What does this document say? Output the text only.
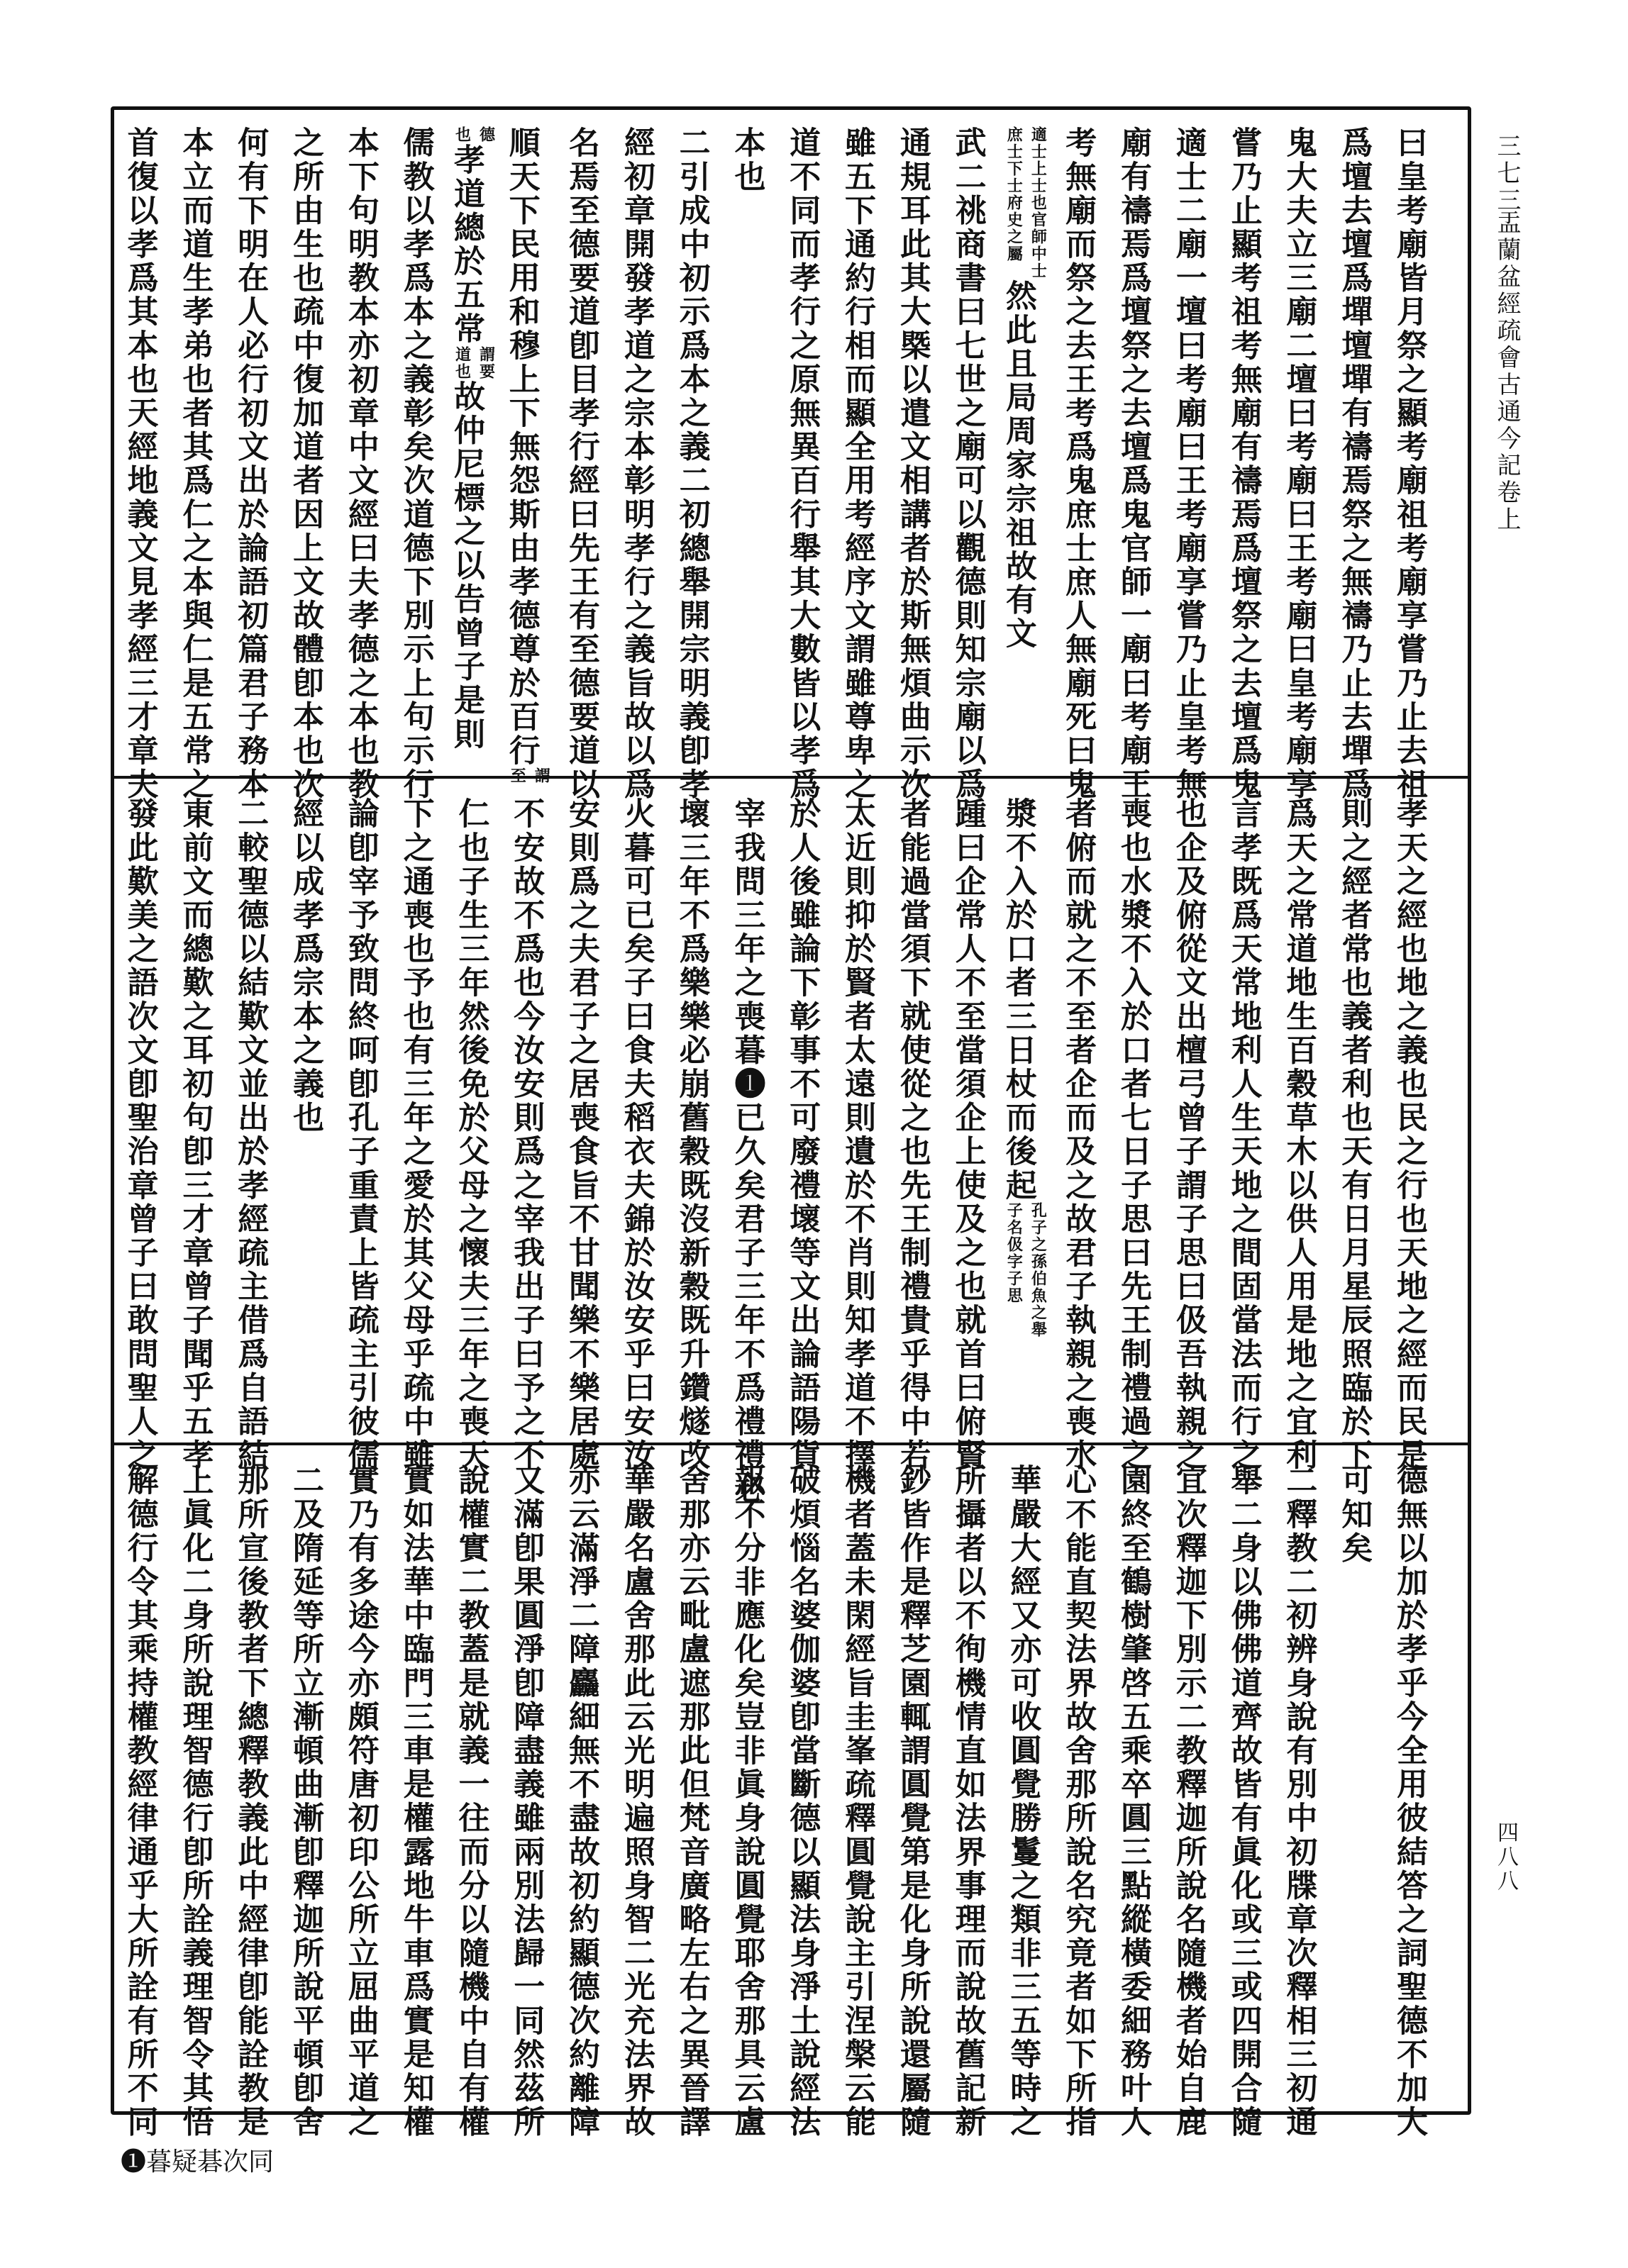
曰皇考廟皆月祭之顯考廟祖考廟享嘗乃止去祖
爲壇去壇爲墠壇墠有禱焉祭之無禱乃止去墠爲
鬼大夫立三廟二壇曰考廟曰王考廟曰皇考廟享
嘗乃止顯考祖考無廟有禱焉爲壇祭之去壇爲鬼
適士二廟一壇曰考廟曰王考廟享嘗乃止皇考無
廟有禱焉爲壇祭之去壇爲鬼官師一廟曰考廟王
考無廟而祭之去王考爲鬼庶士庶人無廟死曰鬼
適士上士也官師中士
庶士下士府史之屬
然此且局周家宗祖故有文
武二祧商書曰七世之廟可以觀德則知宗廟以爲
通規耳此其大槩以遣文相講者於斯無煩曲示次
雖五下通約行相而顯全用考經序文謂雖尊卑之
道不同而孝行之原無異百行舉其大數皆以孝爲
本也
二引成中初示爲本之義二初總舉開宗明義卽孝
經初章開發孝道之宗本彰明孝行之義旨故以爲
名焉至德要道卽目孝行經曰先王有至德要道以
順天下民用和穆上下無怨斯由孝德尊於百行
謂
至
德
也
孝道總於五常
謂要
道也
故仲尼標之以告曾子是則
儒教以孝爲本之義彰矣次道德下別示上句示行
本下句明教本亦初章中文經曰夫孝德之本也教
之所由生也疏中復加道者因上文故體卽本也次
何有下明在人必行初文出於論語初篇君子務本
本立而道生孝弟也者其爲仁之本與仁是五常之
首復以孝爲其本也天經地義文見孝經三才章夫
孝天之經也地之義也民之行也天地之經而民是
則之經者常也義者利也天有日月星辰照臨於下
爲天之常道地生百穀草木以供人用是地之宜利
言孝既爲天常地利人生天地之間固當法而行之
也企及俯從文出檀弓曾子謂子思曰伋吾執親之
喪也水漿不入於口者七日子思曰先王制禮過之
者俯而就之不至者企而及之故君子執親之喪水
漿不入於口者三日杖而後起
孔子之孫伯魚之舉
子名伋字子思
踵曰企常人不至當須企上使及之也就首曰俯賢
者能過當須下就使從之也先王制禮貴乎得中若
太近則抑於賢者太遠則遺於不肖則知孝道不擇
於人後雖論下彰事不可廢禮壞等文出論語陽貨
宰我問三年之喪暮❶已久矣君子三年不爲禮禮必
壞三年不爲樂樂必崩舊穀既沒新穀既升鑽燧改
火暮可已矣子曰食夫稻衣夫錦於汝安乎曰安汝
安則爲之夫君子之居喪食旨不甘聞樂不樂居處
不安故不爲也今汝安則爲之宰我出子曰予之不
仁也子生三年然後免於父母之懷夫三年之喪天
下之通喪也予也有三年之愛於其父母乎疏中雖
論卽宰予致問終呵卽孔子重責上皆疏主引彼儒
經以成孝爲宗本之義也
二較聖德以結歎文並出於孝經疏主借爲自語結
東前文而總歎之耳初句卽三才章曾子聞乎五孝
發此歎美之語次文卽聖治章曾子曰敢問聖人之
德無以加於孝乎今全用彼結答之詞聖德不加大
可知矣
二釋教二初辨身說有別中初牒章次釋相三初通
舉二身以佛佛道齊故皆有眞化或三或四開合隨
宜次釋迦下別示二教釋迦所說名隨機者始自鹿
園終至鶴樹肇啓五乘卒圓三點縱橫委細務叶人
心不能直契法界故舍那所說名究竟者如下所指
華嚴大經又亦可收圓覺勝鬘之類非三五等時之
所攝者以不徇機情直如法界事理而說故舊記新
鈔皆作是釋芝園輒謂圓覺第是化身所說還屬隨
機者蓋未閑經旨圭峯疏釋圓覺說主引涅槃云能
破煩惱名婆伽婆卽當斷德以顯法身淨土說經法
報不分非應化矣豈非眞身說圓覺耶舍那具云盧
舍那亦云毗盧遮那此但梵音廣略左右之異晉譯
華嚴名盧舍那此云光明遍照身智二光充法界故
亦云滿淨二障麤細無不盡故初約顯德次約離障
又滿卽果圓淨卽障盡義雖兩別法歸一同然茲所
說權實二教蓋是就義一往而分以隨機中自有權
實如法華中臨門三車是權露地牛車爲實是知權
實乃有多途今亦頗符唐初印公所立屈曲平道之
二及隋延等所立漸頓曲漸卽釋迦所說平頓卽舍
那所宣後教者下總釋教義此中經律卽能詮教是
上眞化二身所說理智德行卽所詮義理智令其悟
解德行令其乘持權教經律通乎大所詮有所不同
三七三
盂蘭盆經疏會古通今記卷上
四八八
❶暮疑碁次同
